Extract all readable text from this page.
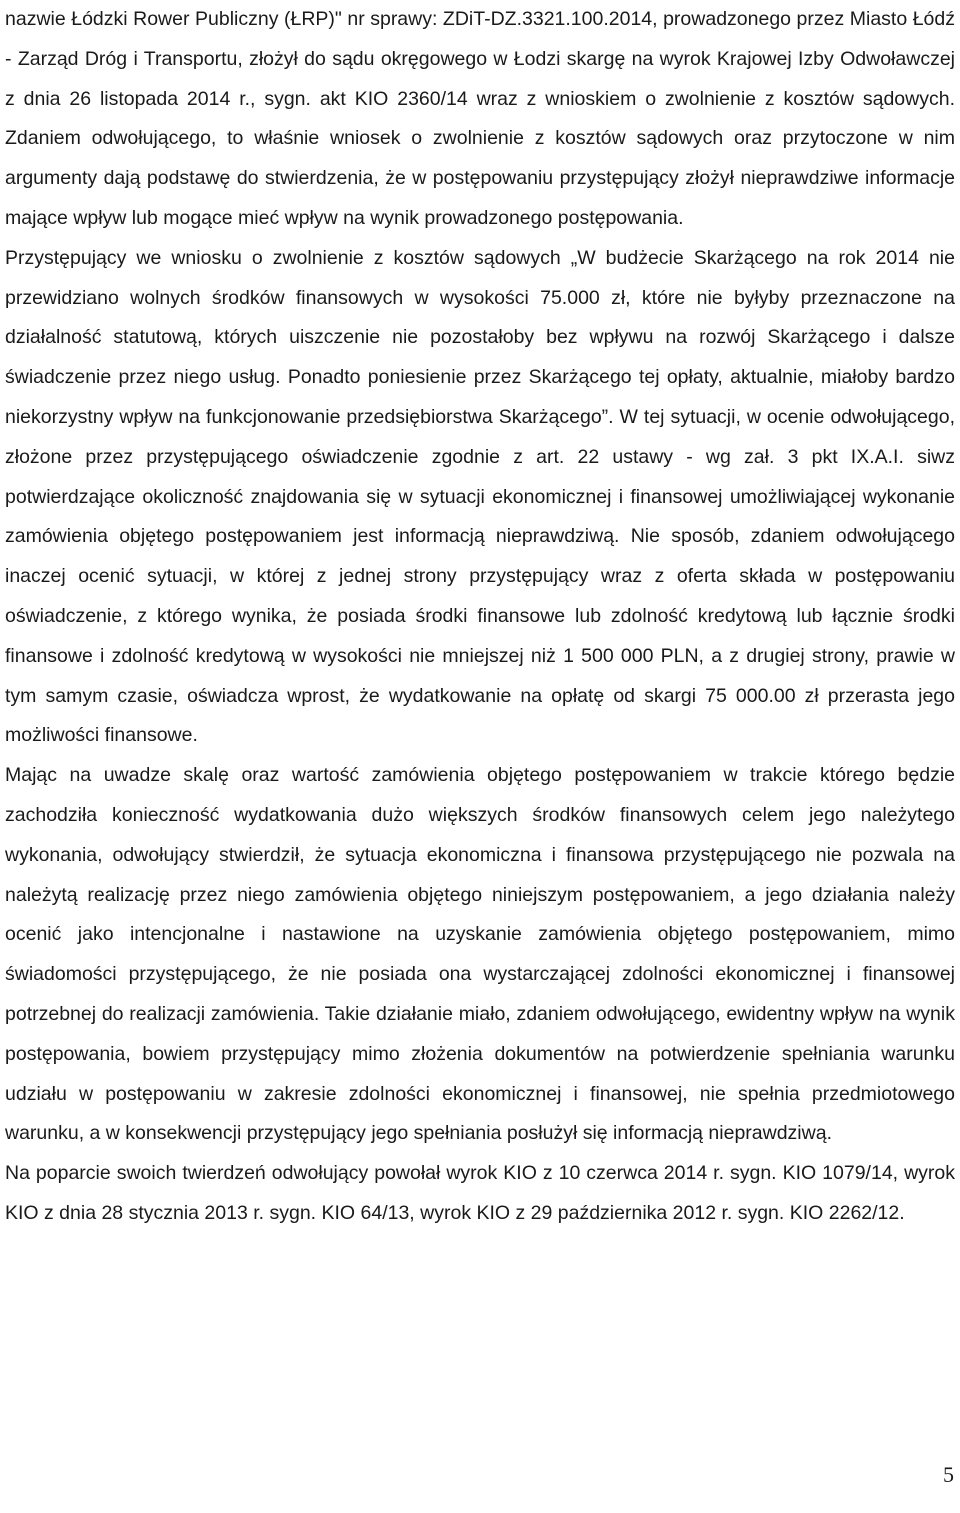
nazwie Łódzki Rower Publiczny (ŁRP)" nr sprawy: ZDiT-DZ.3321.100.2014, prowadzonego przez Miasto Łódź - Zarząd Dróg i Transportu, złożył do sądu okręgowego w Łodzi skargę na wyrok Krajowej Izby Odwoławczej z dnia 26 listopada 2014 r., sygn. akt KIO 2360/14 wraz z wnioskiem o zwolnienie z kosztów sądowych. Zdaniem odwołującego, to właśnie wniosek o zwolnienie z kosztów sądowych oraz przytoczone w nim argumenty dają podstawę do stwierdzenia, że w postępowaniu przystępujący złożył nieprawdziwe informacje mające wpływ lub mogące mieć wpływ na wynik prowadzonego postępowania.

Przystępujący we wniosku o zwolnienie z kosztów sądowych „W budżecie Skarżącego na rok 2014 nie przewidziano wolnych środków finansowych w wysokości 75.000 zł, które nie byłyby przeznaczone na działalność statutową, których uiszczenie nie pozostałoby bez wpływu na rozwój Skarżącego i dalsze świadczenie przez niego usług. Ponadto poniesienie przez Skarżącego tej opłaty, aktualnie, miałoby bardzo niekorzystny wpływ na funkcjonowanie przedsiębiorstwa Skarżącego”. W tej sytuacji, w ocenie odwołującego, złożone przez przystępującego oświadczenie zgodnie z art. 22 ustawy - wg zał. 3 pkt IX.A.I. siwz potwierdzające okoliczność znajdowania się w sytuacji ekonomicznej i finansowej umożliwiającej wykonanie zamówienia objętego postępowaniem jest informacją nieprawdziwą. Nie sposób, zdaniem odwołującego inaczej ocenić sytuacji, w której z jednej strony przystępujący wraz z oferta składa w postępowaniu oświadczenie, z którego wynika, że posiada środki finansowe lub zdolność kredytową lub łącznie środki finansowe i zdolność kredytową w wysokości nie mniejszej niż 1 500 000 PLN, a z drugiej strony, prawie w tym samym czasie, oświadcza wprost, że wydatkowanie na opłatę od skargi 75 000.00 zł przerasta jego możliwości finansowe.

Mając na uwadze skalę oraz wartość zamówienia objętego postępowaniem w trakcie którego będzie zachodziła konieczność wydatkowania dużo większych środków finansowych celem jego należytego wykonania, odwołujący stwierdził, że sytuacja ekonomiczna i finansowa przystępującego nie pozwala na należytą realizację przez niego zamówienia objętego niniejszym postępowaniem, a jego działania należy ocenić jako intencjonalne i nastawione na uzyskanie zamówienia objętego postępowaniem, mimo świadomości przystępującego, że nie posiada ona wystarczającej zdolności ekonomicznej i finansowej potrzebnej do realizacji zamówienia. Takie działanie miało, zdaniem odwołującego, ewidentny wpływ na wynik postępowania, bowiem przystępujący mimo złożenia dokumentów na potwierdzenie spełniania warunku udziału w postępowaniu w zakresie zdolności ekonomicznej i finansowej, nie spełnia przedmiotowego warunku, a w konsekwencji przystępujący jego spełniania posłużył się informacją nieprawdziwą.

Na poparcie swoich twierdzeń odwołujący powołał wyrok KIO z 10 czerwca 2014 r. sygn. KIO 1079/14, wyrok KIO z dnia 28 stycznia 2013 r. sygn. KIO 64/13, wyrok KIO z 29 października 2012 r. sygn. KIO 2262/12.

5
